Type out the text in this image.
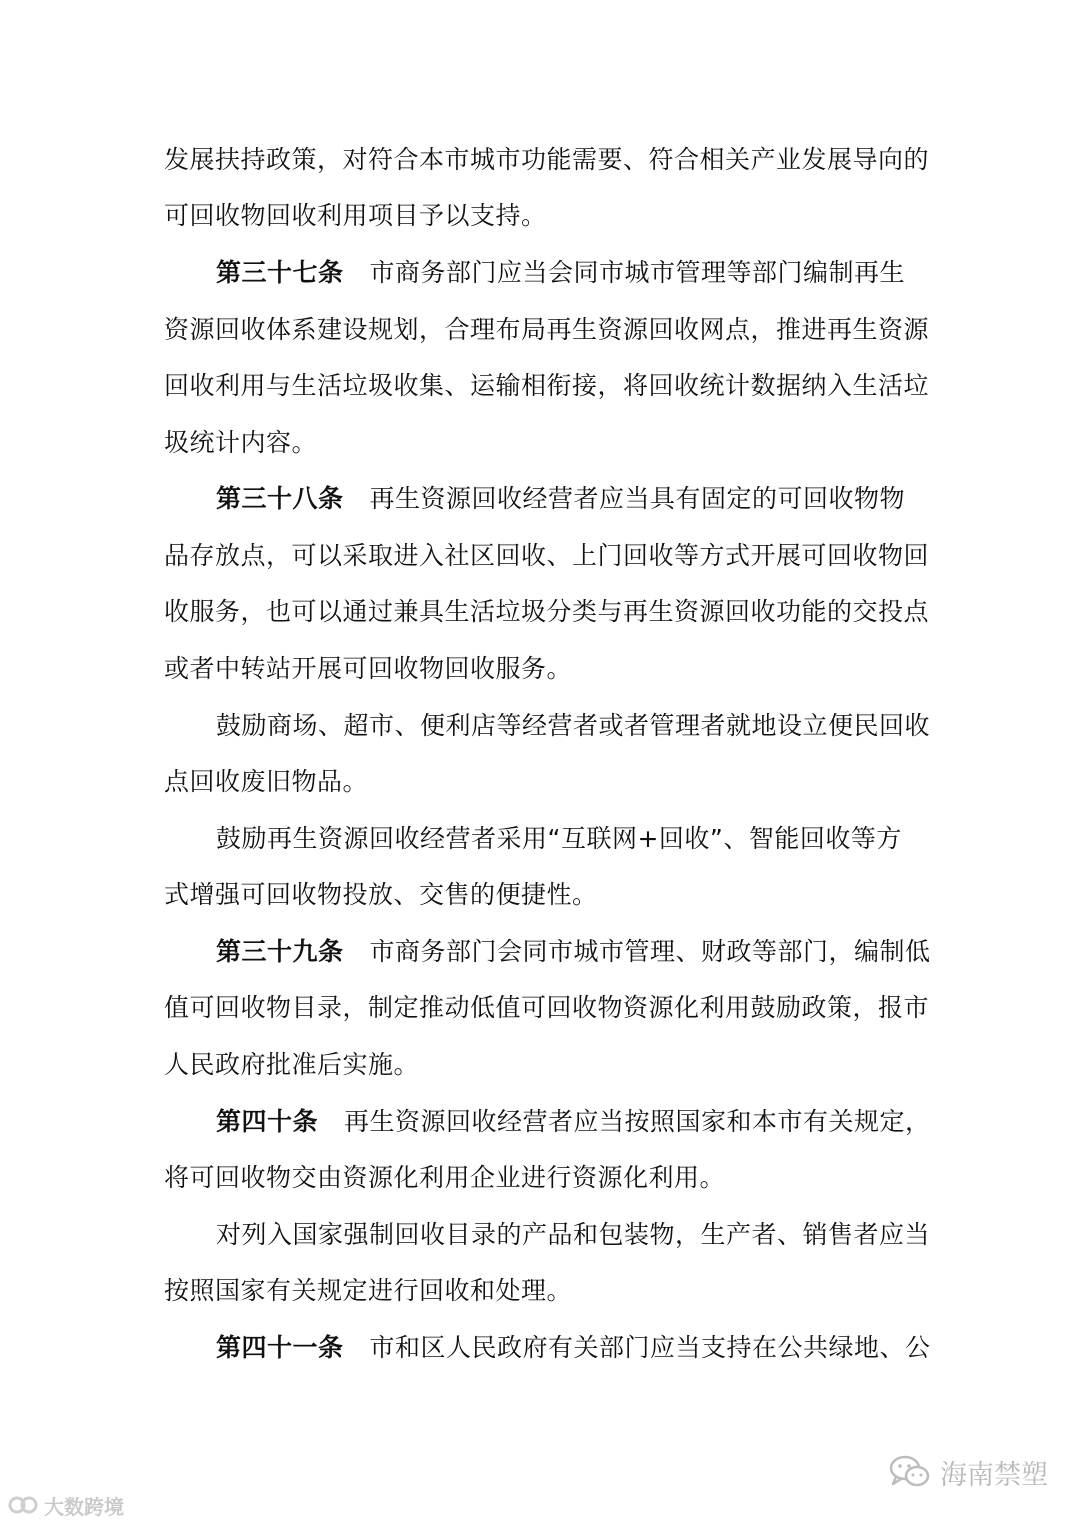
发展扶持政策，对符合本市城市功能需要、符合相关产业发展导向的
可回收物回收利用项目予以支持。
第三十七条 市商务部门应当会同市城市管理等部门编制再生
资源回收体系建设规划，合理布局再生资源回收网点，推进再生资源
回收利用与生活垃圾收集、运输相衔接，将回收统计数据纳入生活垃
圾统计内容。
第三十八条 再生资源回收经营者应当具有固定的可回收物物
品存放点，可以采取进入社区回收、上门回收等方式开展可回收物回
收服务，也可以通过兼具生活垃圾分类与再生资源回收功能的交投点
或者中转站开展可回收物回收服务。
鼓励商场、超市、便利店等经营者或者管理者就地设立便民回收
点回收废旧物品。
鼓励再生资源回收经营者采用“互联网+回收”、智能回收等方
式增强可回收物投放、交售的便捷性。
第三十九条 市商务部门会同市城市管理、财政等部门，编制低
值可回收物目录，制定推动低值可回收物资源化利用鼓励政策，报市
人民政府批准后实施。
第四十条 再生资源回收经营者应当按照国家和本市有关规定，
将可回收物交由资源化利用企业进行资源化利用。
对列入国家强制回收目录的产品和包装物，生产者、销售者应当
按照国家有关规定进行回收和处理。
第四十一条 市和区人民政府有关部门应当支持在公共绿地、公
大数跨境
海南禁塑
